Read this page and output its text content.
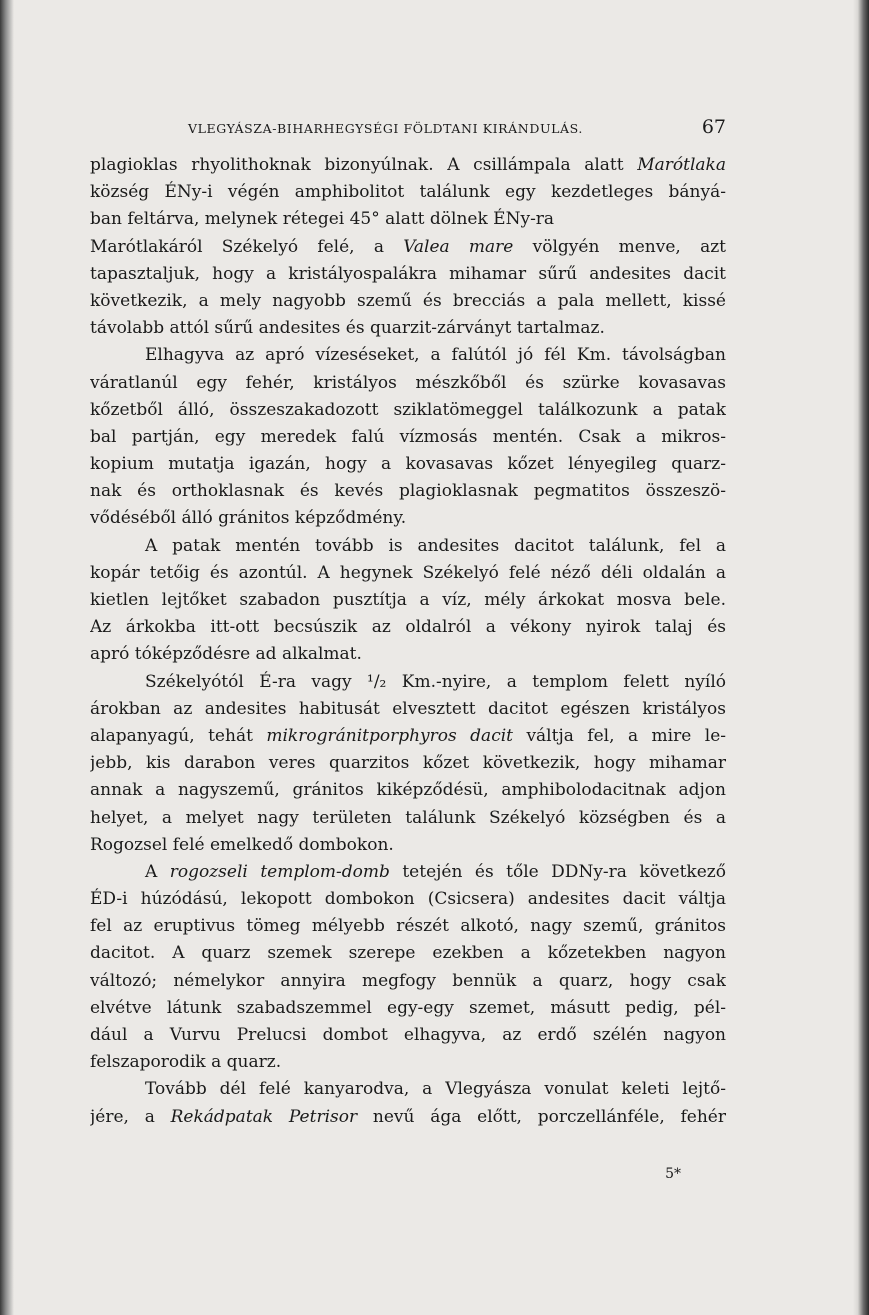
VLEGYÁSZA-BIHARHEGYSÉGI FÖLDTANI KIRÁNDULÁS.	67
plagioklas rhyolithoknak bizonyúlnak. A csillámpala alatt Marótlaka
község ÉNy-i végén amphibolitot találunk egy kezdetleges bányá-
ban feltárva, melynek rétegei 45° alatt dölnek ÉNy-ra
Marótlakáról Székelyó felé, a Valea mare völgyén menve, azt
tapasztaljuk, hogy a kristályospalákra mihamar sűrű andesites dacit
következik, a mely nagyobb szemű és brecciás a pala mellett, kissé
távolabb attól sűrű andesites és quarzit-zárványt tartalmaz.
Elhagyva az apró vízeséseket, a falútól jó fél Km. távolságban
váratlanúl egy fehér, kristályos mészkőből és szürke kovasavas
kőzetből álló, összeszakadozott sziklatömeggel találkozunk a patak
bal partján, egy meredek falú vízmosás mentén. Csak a mikros-
kopium mutatja igazán, hogy a kovasavas kőzet lényegileg quarz-
nak és orthoklasnak és kevés plagioklasnak pegmatitos összeszö-
vődéséből álló gránitos képződmény.
A patak mentén tovább is andesites dacitot találunk, fel a
kopár tetőig és azontúl. A hegynek Székelyó felé néző déli oldalán a
kietlen lejtőket szabadon pusztítja a víz, mély árkokat mosva bele.
Az árkokba itt-ott becsúszik az oldalról a vékony nyirok talaj és
apró tóképződésre ad alkalmat.
Székelyótól É-ra vagy ¹/₂ Km.-nyire, a templom felett nyíló
árokban az andesites habitusát elvesztett dacitot egészen kristályos
alapanyagú, tehát mikrogránitporphyros dacit váltja fel, a mire le-
jebb, kis darabon veres quarzitos kőzet következik, hogy mihamar
annak a nagyszemű, gránitos kiképződésü, amphibolodacitnak adjon
helyet, a melyet nagy területen találunk Székelyó községben és a
Rogozsel felé emelkedő dombokon.
A rogozseli templom-domb tetején és tőle DDNy-ra következő
ÉD-i húzódású, lekopott dombokon (Csicsera) andesites dacit váltja
fel az eruptivus tömeg mélyebb részét alkotó, nagy szemű, gránitos
dacitot. A quarz szemek szerepe ezekben a kőzetekben nagyon
változó; némelykor annyira megfogy bennük a quarz, hogy csak
elvétve látunk szabadszemmel egy-egy szemet, másutt pedig, pél-
dául a Vurvu Prelucsi dombot elhagyva, az erdő szélén nagyon
felszaporodik a quarz.
Tovább dél felé kanyarodva, a Vlegyásza vonulat keleti lejtő-
jére, a Rekádpatak Petrisor nevű ága előtt, porczellánféle, fehér
5*
